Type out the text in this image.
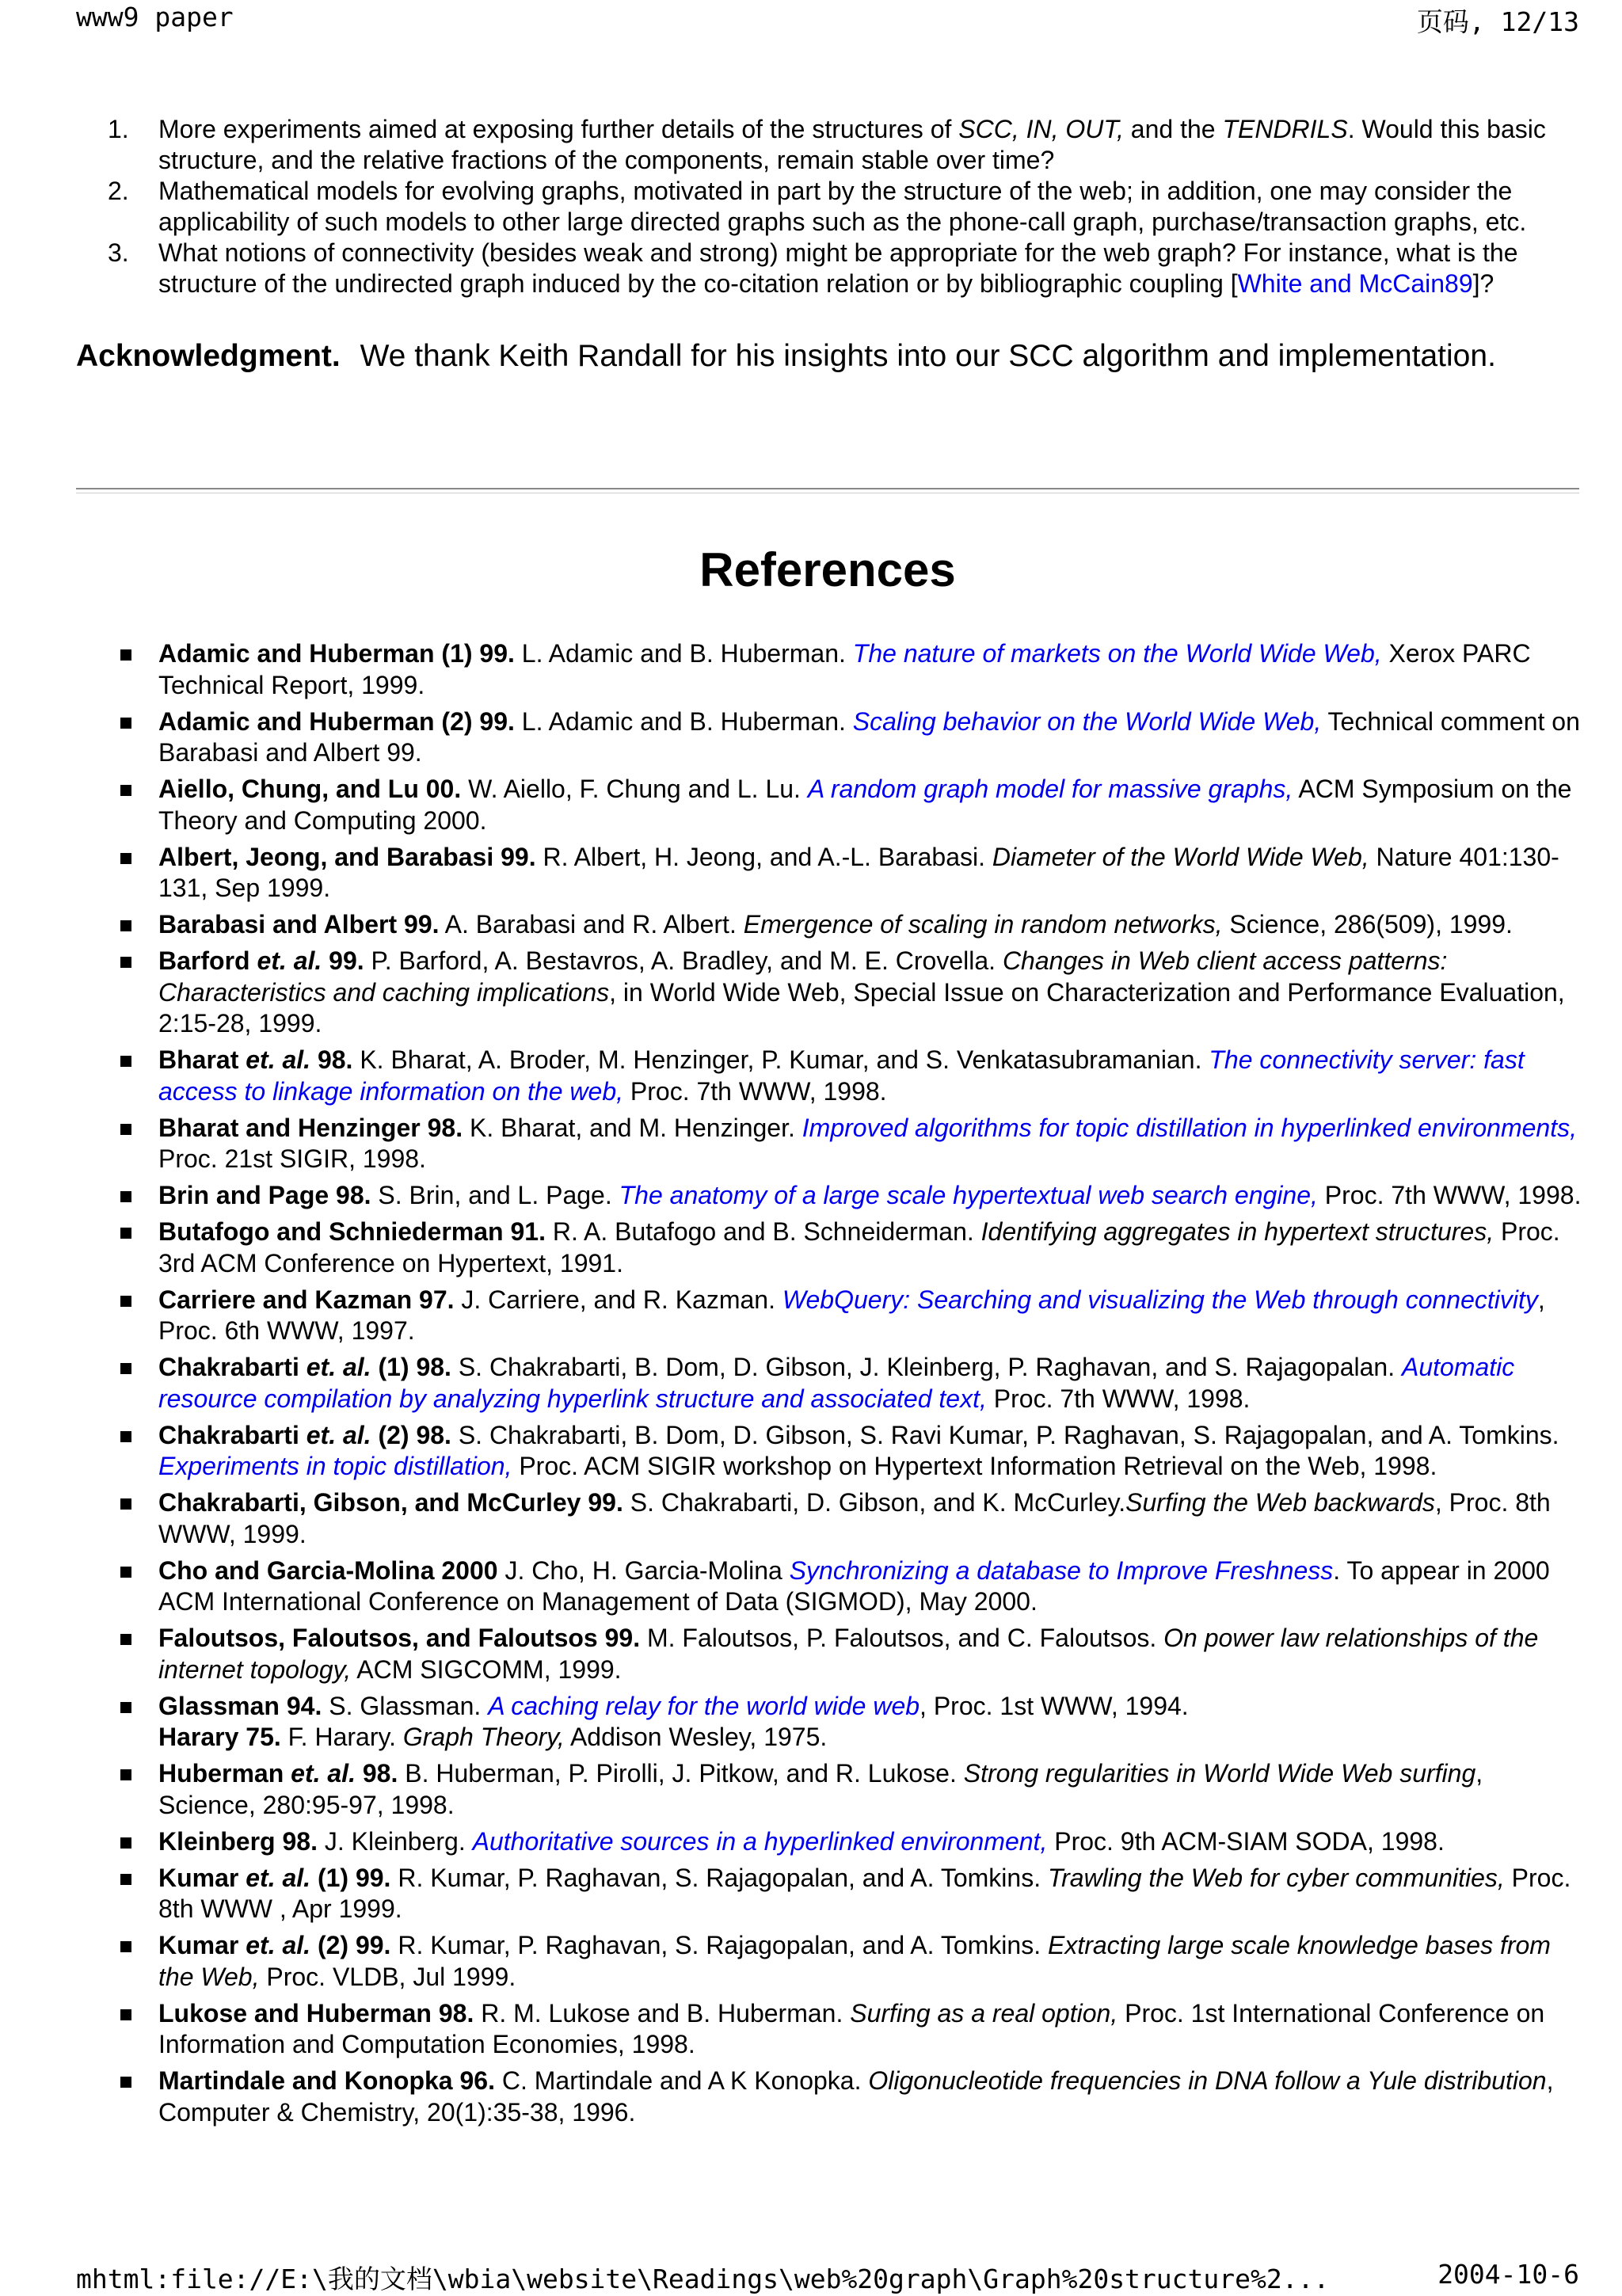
www9 paper	页码, 12/13
1. More experiments aimed at exposing further details of the structures of SCC, IN, OUT, and the TENDRILS. Would this basic structure, and the relative fractions of the components, remain stable over time?
2. Mathematical models for evolving graphs, motivated in part by the structure of the web; in addition, one may consider the applicability of such models to other large directed graphs such as the phone-call graph, purchase/transaction graphs, etc.
3. What notions of connectivity (besides weak and strong) might be appropriate for the web graph? For instance, what is the structure of the undirected graph induced by the co-citation relation or by bibliographic coupling [White and McCain89]?
Acknowledgment. We thank Keith Randall for his insights into our SCC algorithm and implementation.
References
Adamic and Huberman (1) 99. L. Adamic and B. Huberman. The nature of markets on the World Wide Web, Xerox PARC Technical Report, 1999.
Adamic and Huberman (2) 99. L. Adamic and B. Huberman. Scaling behavior on the World Wide Web, Technical comment on Barabasi and Albert 99.
Aiello, Chung, and Lu 00. W. Aiello, F. Chung and L. Lu. A random graph model for massive graphs, ACM Symposium on the Theory and Computing 2000.
Albert, Jeong, and Barabasi 99. R. Albert, H. Jeong, and A.-L. Barabasi. Diameter of the World Wide Web, Nature 401:130-131, Sep 1999.
Barabasi and Albert 99. A. Barabasi and R. Albert. Emergence of scaling in random networks, Science, 286(509), 1999.
Barford et. al. 99. P. Barford, A. Bestavros, A. Bradley, and M. E. Crovella. Changes in Web client access patterns: Characteristics and caching implications, in World Wide Web, Special Issue on Characterization and Performance Evaluation, 2:15-28, 1999.
Bharat et. al. 98. K. Bharat, A. Broder, M. Henzinger, P. Kumar, and S. Venkatasubramanian. The connectivity server: fast access to linkage information on the web, Proc. 7th WWW, 1998.
Bharat and Henzinger 98. K. Bharat, and M. Henzinger. Improved algorithms for topic distillation in hyperlinked environments, Proc. 21st SIGIR, 1998.
Brin and Page 98. S. Brin, and L. Page. The anatomy of a large scale hypertextual web search engine, Proc. 7th WWW, 1998.
Butafogo and Schniederman 91. R. A. Butafogo and B. Schneiderman. Identifying aggregates in hypertext structures, Proc. 3rd ACM Conference on Hypertext, 1991.
Carriere and Kazman 97. J. Carriere, and R. Kazman. WebQuery: Searching and visualizing the Web through connectivity, Proc. 6th WWW, 1997.
Chakrabarti et. al. (1) 98. S. Chakrabarti, B. Dom, D. Gibson, J. Kleinberg, P. Raghavan, and S. Rajagopalan. Automatic resource compilation by analyzing hyperlink structure and associated text, Proc. 7th WWW, 1998.
Chakrabarti et. al. (2) 98. S. Chakrabarti, B. Dom, D. Gibson, S. Ravi Kumar, P. Raghavan, S. Rajagopalan, and A. Tomkins. Experiments in topic distillation, Proc. ACM SIGIR workshop on Hypertext Information Retrieval on the Web, 1998.
Chakrabarti, Gibson, and McCurley 99. S. Chakrabarti, D. Gibson, and K. McCurley.Surfing the Web backwards, Proc. 8th WWW, 1999.
Cho and Garcia-Molina 2000 J. Cho, H. Garcia-Molina Synchronizing a database to Improve Freshness. To appear in 2000 ACM International Conference on Management of Data (SIGMOD), May 2000.
Faloutsos, Faloutsos, and Faloutsos 99. M. Faloutsos, P. Faloutsos, and C. Faloutsos. On power law relationships of the internet topology, ACM SIGCOMM, 1999.
Glassman 94. S. Glassman. A caching relay for the world wide web, Proc. 1st WWW, 1994.
Harary 75. F. Harary. Graph Theory, Addison Wesley, 1975.
Huberman et. al. 98. B. Huberman, P. Pirolli, J. Pitkow, and R. Lukose. Strong regularities in World Wide Web surfing, Science, 280:95-97, 1998.
Kleinberg 98. J. Kleinberg. Authoritative sources in a hyperlinked environment, Proc. 9th ACM-SIAM SODA, 1998.
Kumar et. al. (1) 99. R. Kumar, P. Raghavan, S. Rajagopalan, and A. Tomkins. Trawling the Web for cyber communities, Proc. 8th WWW , Apr 1999.
Kumar et. al. (2) 99. R. Kumar, P. Raghavan, S. Rajagopalan, and A. Tomkins. Extracting large scale knowledge bases from the Web, Proc. VLDB, Jul 1999.
Lukose and Huberman 98. R. M. Lukose and B. Huberman. Surfing as a real option, Proc. 1st International Conference on Information and Computation Economies, 1998.
Martindale and Konopka 96. C. Martindale and A K Konopka. Oligonucleotide frequencies in DNA follow a Yule distribution, Computer & Chemistry, 20(1):35-38, 1996.
mhtml:file://E:\我的文档\wbia\website\Readings\web%20graph\Graph%20structure%2...	2004-10-6
